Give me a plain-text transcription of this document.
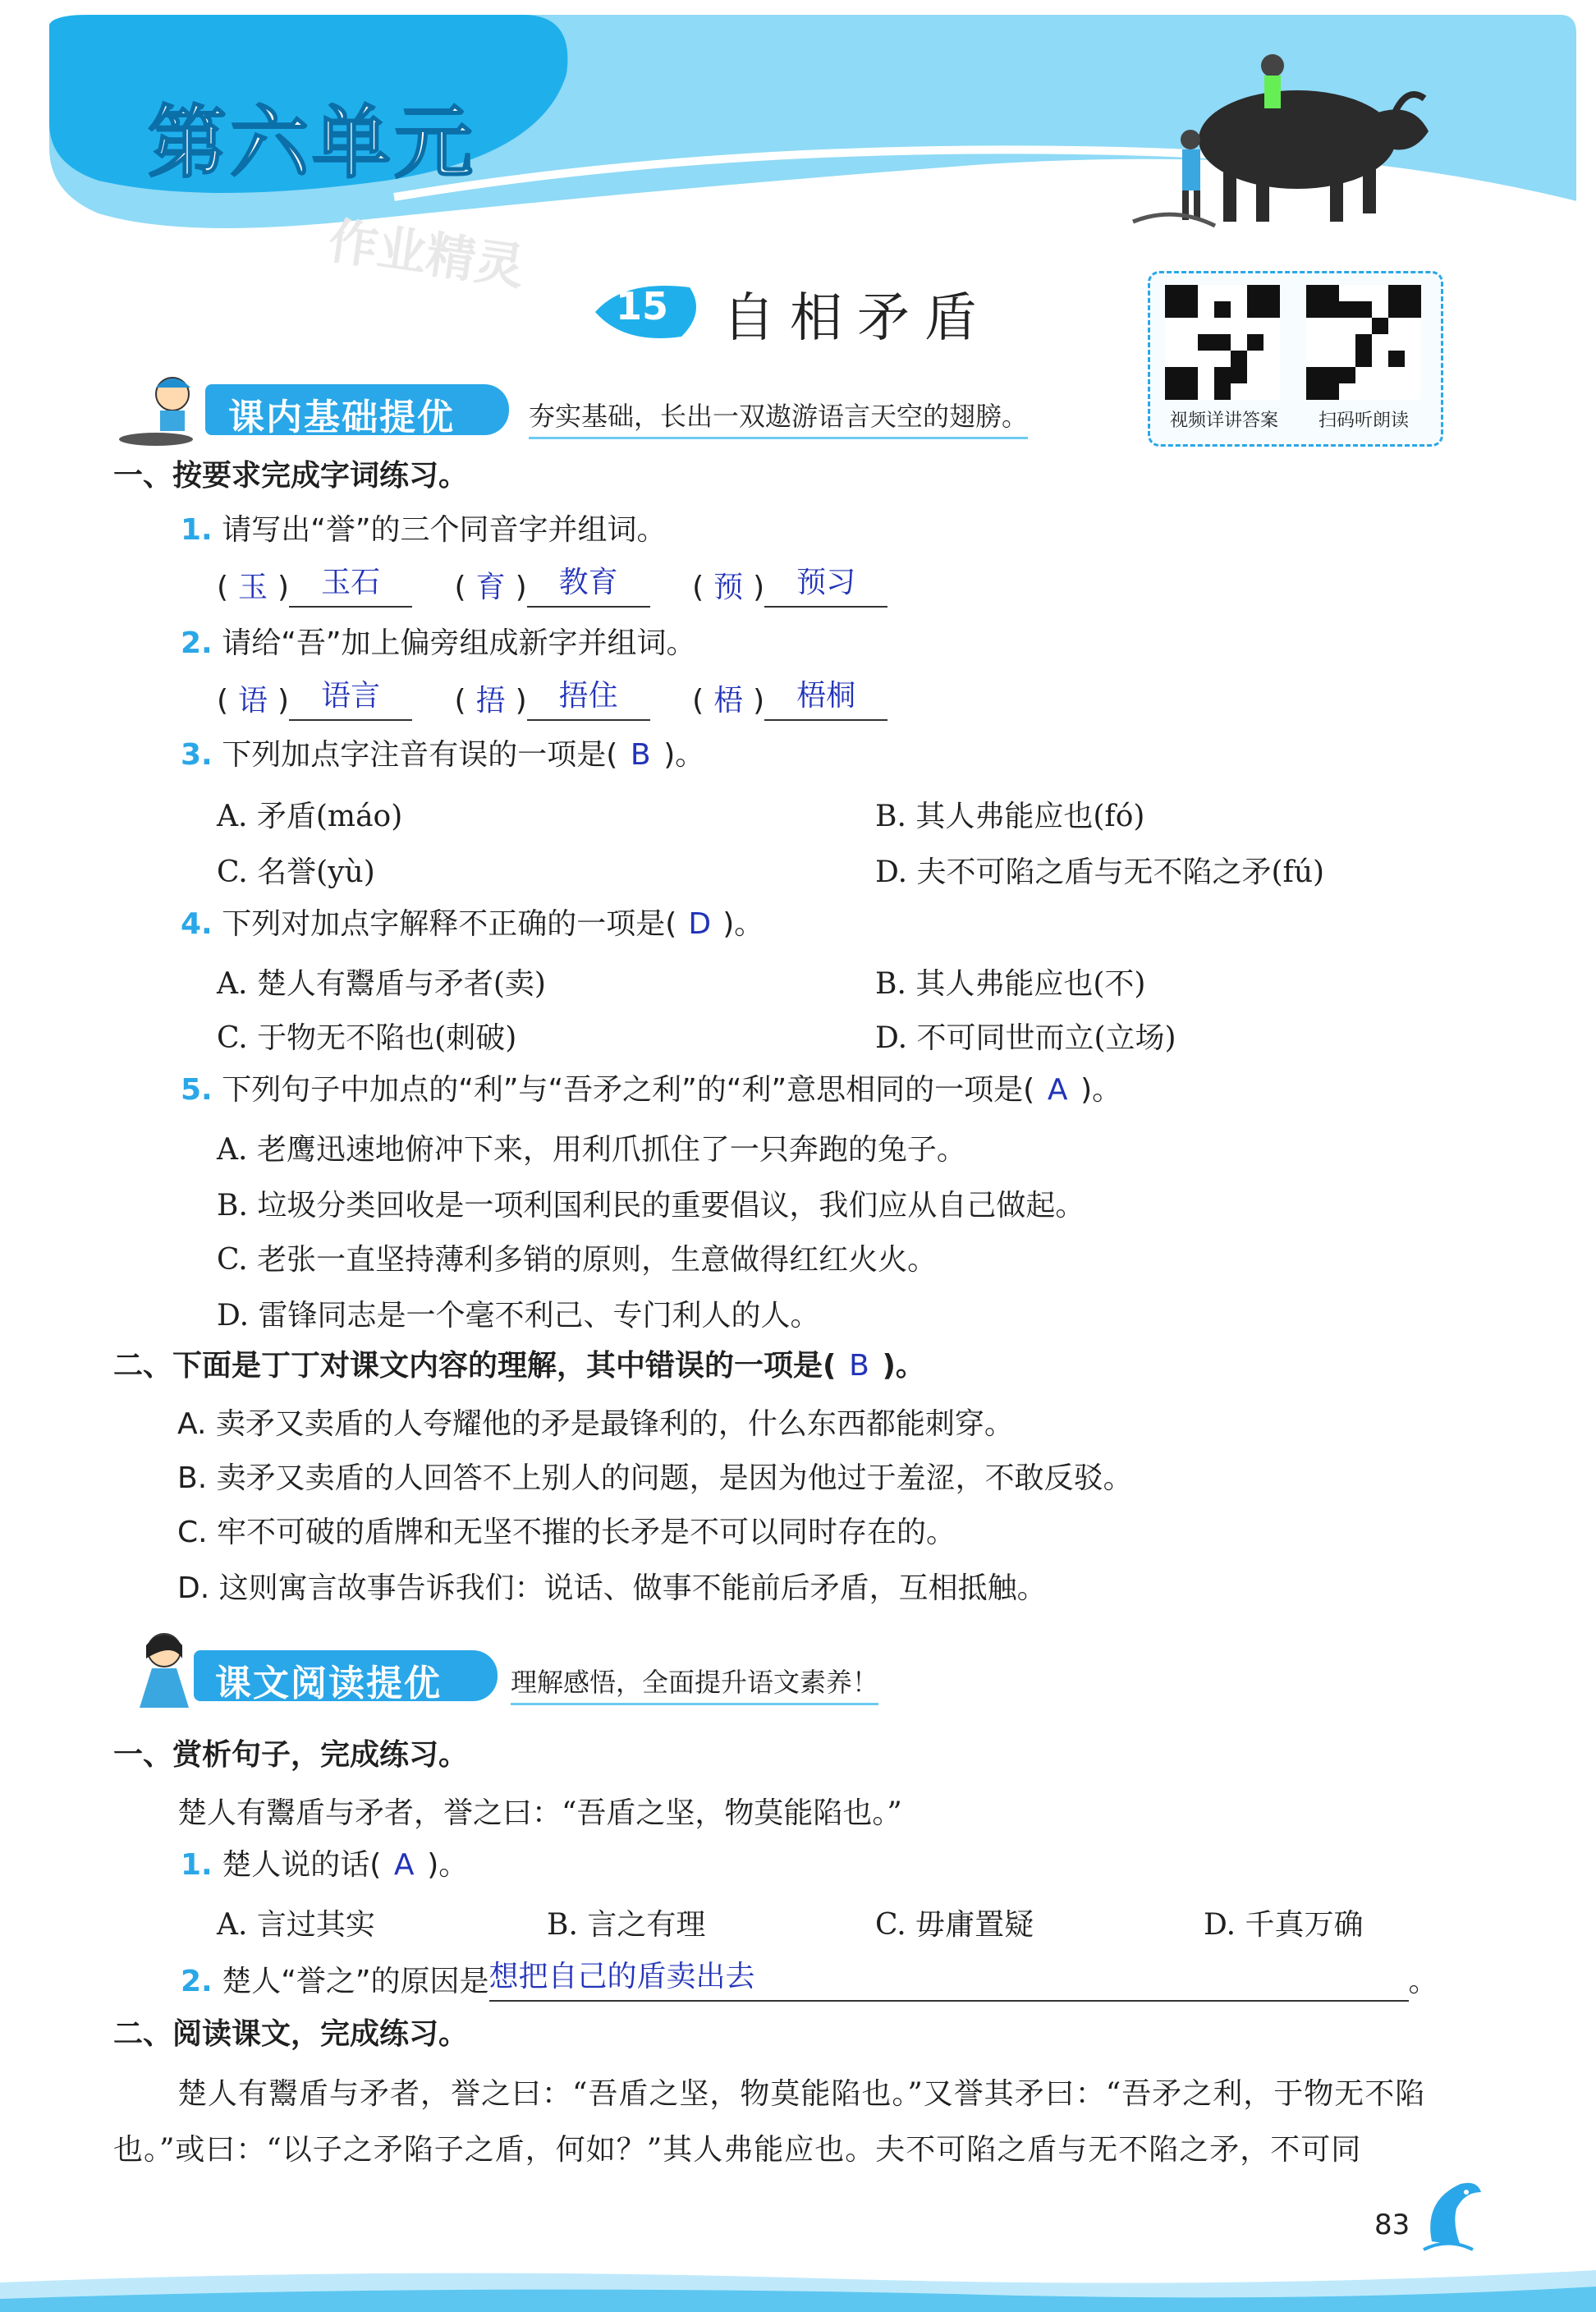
第六单元
作业精灵
15 自相矛盾
视频详讲答案	扫码听朗读
课内基础提优	夯实基础，长出一双遨游语言天空的翅膀。
一、按要求完成字词练习。
1. 请写出“誉”的三个同音字并组词。
( 玉 ) 玉石	( 育 ) 教育	( 预 ) 预习
2. 请给“吾”加上偏旁组成新字并组词。
( 语 ) 语言	( 捂 ) 捂住	( 梧 ) 梧桐
3. 下列加点字注音有误的一项是( B )。
A. 矛盾(máo)	B. 其人弗能应也(fó)
C. 名誉(yù)	D. 夫不可陷之盾与无不陷之矛(fú)
4. 下列对加点字解释不正确的一项是( D )。
A. 楚人有鬻盾与矛者(卖)	B. 其人弗能应也(不)
C. 于物无不陷也(刺破)	D. 不可同世而立(立场)
5. 下列句子中加点的“利”与“吾矛之利”的“利”意思相同的一项是( A )。
A. 老鹰迅速地俯冲下来，用利爪抓住了一只奔跑的兔子。
B. 垃圾分类回收是一项利国利民的重要倡议，我们应从自己做起。
C. 老张一直坚持薄利多销的原则，生意做得红红火火。
D. 雷锋同志是一个毫不利己、专门利人的人。
二、下面是丁丁对课文内容的理解，其中错误的一项是( B )。
A. 卖矛又卖盾的人夸耀他的矛是最锋利的，什么东西都能刺穿。
B. 卖矛又卖盾的人回答不上别人的问题，是因为他过于羞涩，不敢反驳。
C. 牢不可破的盾牌和无坚不摧的长矛是不可以同时存在的。
D. 这则寓言故事告诉我们：说话、做事不能前后矛盾，互相抵触。
课文阅读提优	理解感悟，全面提升语文素养！
一、赏析句子，完成练习。
楚人有鬻盾与矛者，誉之曰：“吾盾之坚，物莫能陷也。”
1. 楚人说的话( A )。
A. 言过其实	B. 言之有理	C. 毋庸置疑	D. 千真万确
2. 楚人“誉之”的原因是想把自己的盾卖出去	。
二、阅读课文，完成练习。
楚人有鬻盾与矛者，誉之曰：“吾盾之坚，物莫能陷也。”又誉其矛曰：“吾矛之利，于物无不陷
也。”或曰：“以子之矛陷子之盾，何如？”其人弗能应也。夫不可陷之盾与无不陷之矛，不可同
83
